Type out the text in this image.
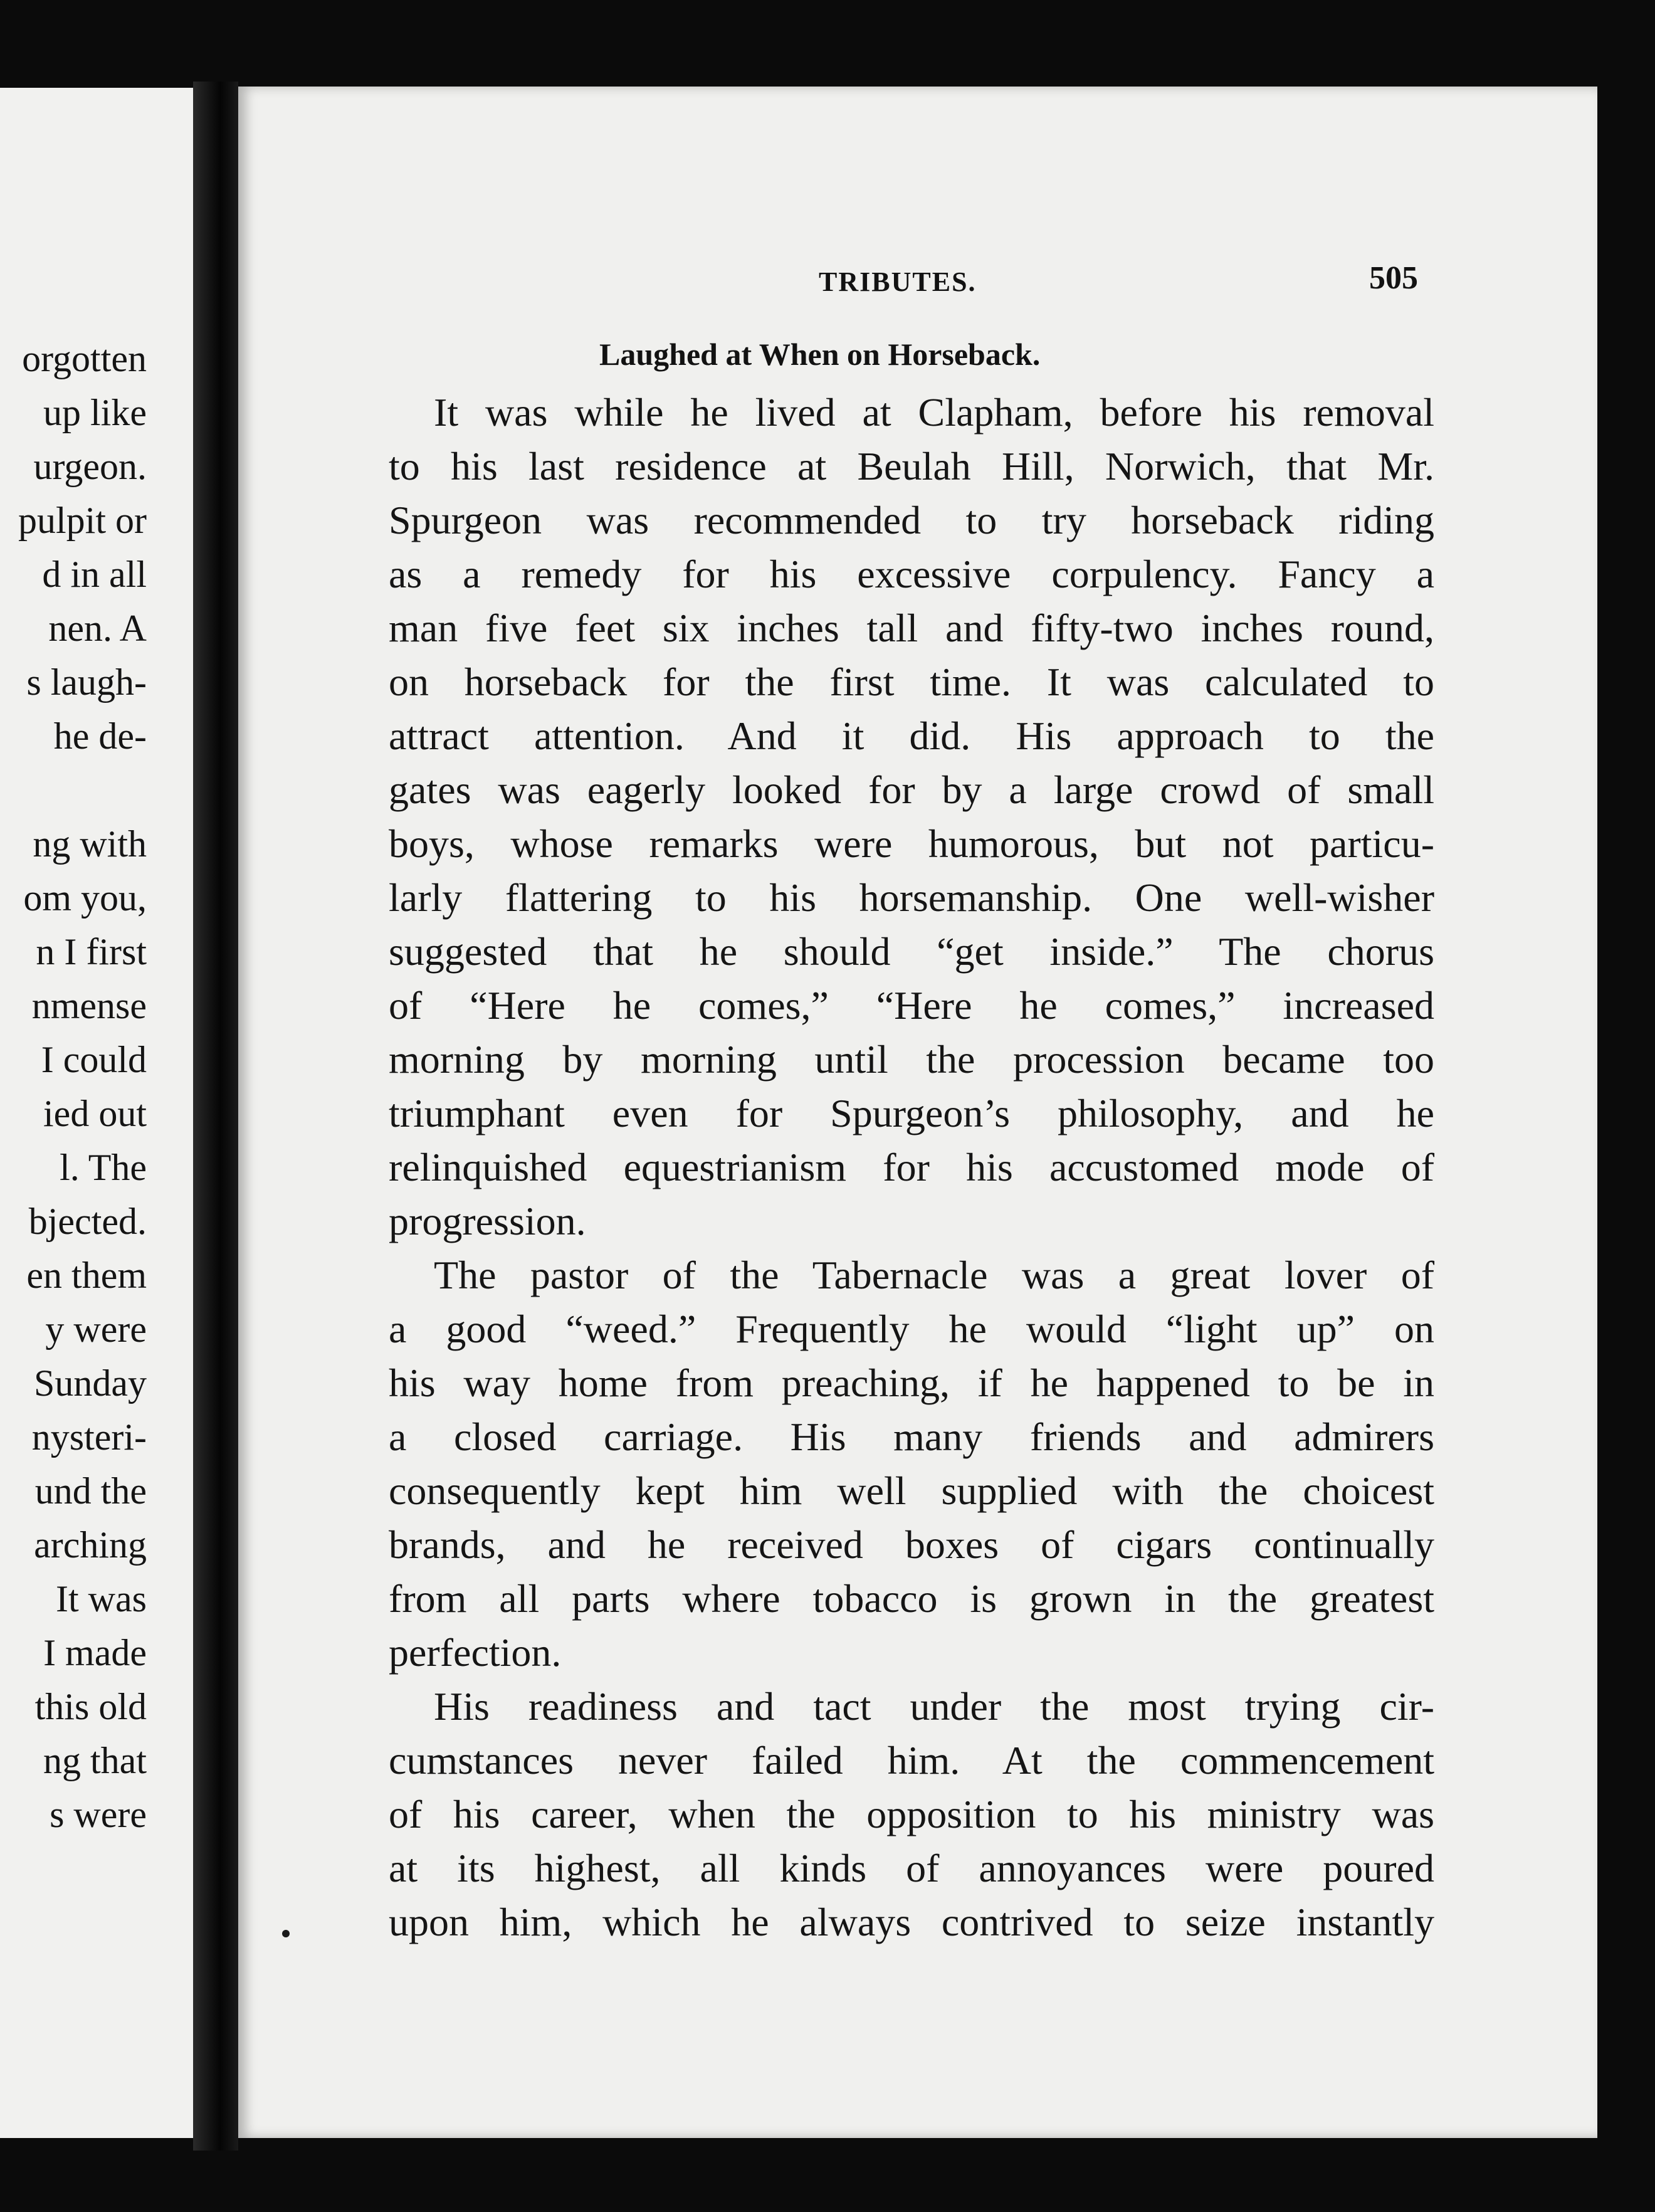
orgotten

up like

urgeon.

pulpit or

d in all

nen. A

s laugh-

he de-

ng with

om you,

n I first

nmense

I could

ied out

l. The

bjected.

en them

y were

Sunday

nysteri-

und the

arching

It was

I made

this old

ng that

s were

TRIBUTES.	505
Laughed at When on Horseback.

It was while he lived at Clapham, before his removal

to his last residence at Beulah Hill, Norwich, that Mr.

Spurgeon was recommended to try horseback riding

as a remedy for his excessive corpulency. Fancy a

man five feet six inches tall and fifty-two inches round,

on horseback for the first time. It was calculated to

attract attention. And it did. His approach to the

gates was eagerly looked for by a large crowd of small

boys, whose remarks were humorous, but not particu-

larly flattering to his horsemanship. One well-wisher

suggested that he should “get inside.” The chorus

of “Here he comes,” “Here he comes,” increased

morning by morning until the procession became too

triumphant even for Spurgeon’s philosophy, and he

relinquished equestrianism for his accustomed mode of

progression.

The pastor of the Tabernacle was a great lover of

a good “weed.” Frequently he would “light up” on

his way home from preaching, if he happened to be in

a closed carriage. His many friends and admirers

consequently kept him well supplied with the choicest

brands, and he received boxes of cigars continually

from all parts where tobacco is grown in the greatest

perfection.

His readiness and tact under the most trying cir-

cumstances never failed him. At the commencement

of his career, when the opposition to his ministry was

at its highest, all kinds of annoyances were poured

upon him, which he always contrived to seize instantly
